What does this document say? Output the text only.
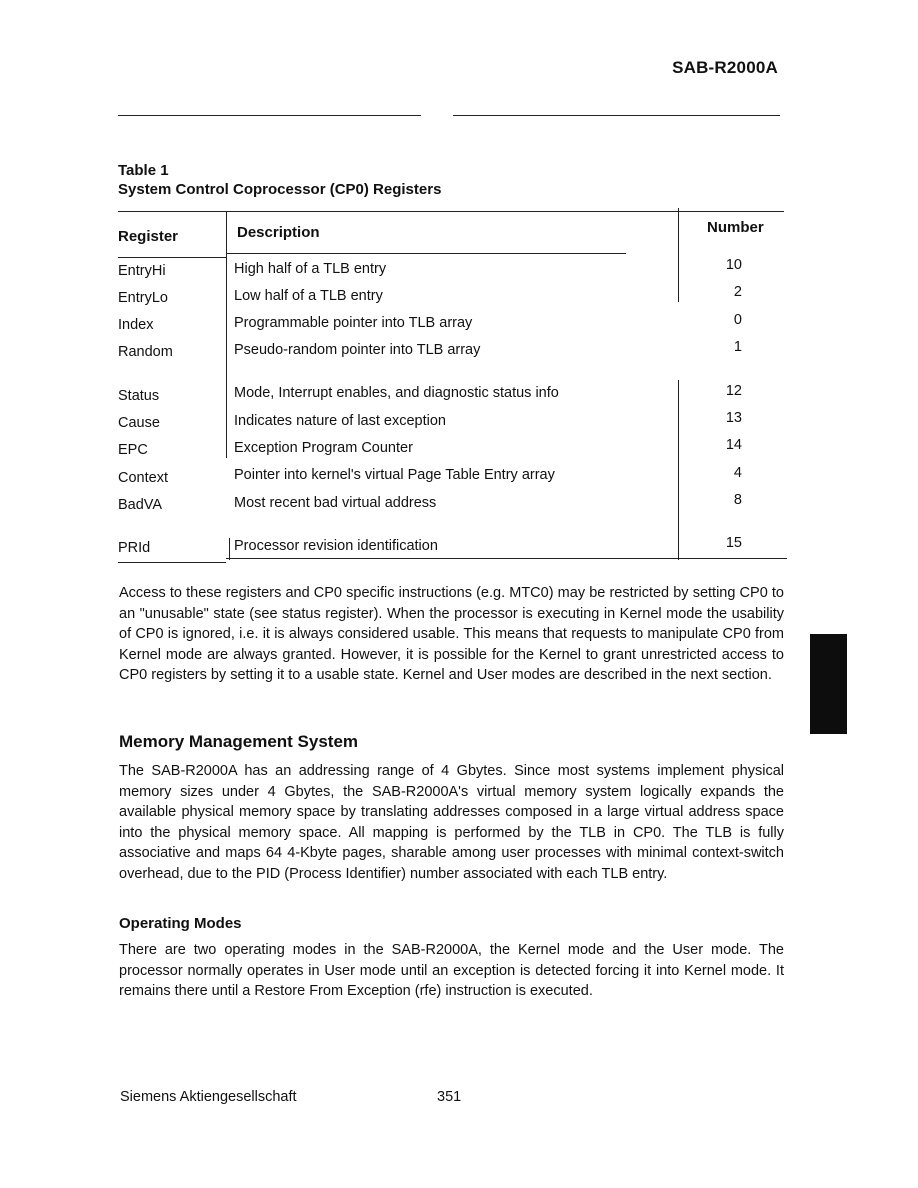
SAB-R2000A
Table 1
System Control Coprocessor (CP0) Registers
Register	Description	Number
EntryHi	High half of a TLB entry	10
EntryLo	Low half of a TLB entry	2
Index	Programmable pointer into TLB array	0
Random	Pseudo-random pointer into TLB array	1
Status	Mode, Interrupt enables, and diagnostic status info	12
Cause	Indicates nature of last exception	13
EPC	Exception Program Counter	14
Context	Pointer into kernel's virtual Page Table Entry array	4
BadVA	Most recent bad virtual address	8
PRId	Processor revision identification	15

Access to these registers and CP0 specific instructions (e.g. MTC0) may be restricted by setting CP0 to an "unusable" state (see status register). When the processor is executing in Kernel mode the usability of CP0 is ignored, i.e. it is always considered usable. This means that requests to manipulate CP0 from Kernel mode are always granted. However, it is possible for the Kernel to grant unrestricted access to CP0 registers by setting it to a usable state. Kernel and User modes are described in the next section.

Memory Management System

The SAB-R2000A has an addressing range of 4 Gbytes. Since most systems implement physical memory sizes under 4 Gbytes, the SAB-R2000A's virtual memory system logically expands the available physical memory space by translating addresses composed in a large virtual address space into the physical memory space. All mapping is performed by the TLB in CP0. The TLB is fully associative and maps 64 4-Kbyte pages, sharable among user processes with minimal context-switch overhead, due to the PID (Process Identifier) number associated with each TLB entry.

Operating Modes

There are two operating modes in the SAB-R2000A, the Kernel mode and the User mode. The processor normally operates in User mode until an exception is detected forcing it into Kernel mode. It remains there until a Restore From Exception (rfe) instruction is executed.

Siemens Aktiengesellschaft	351
